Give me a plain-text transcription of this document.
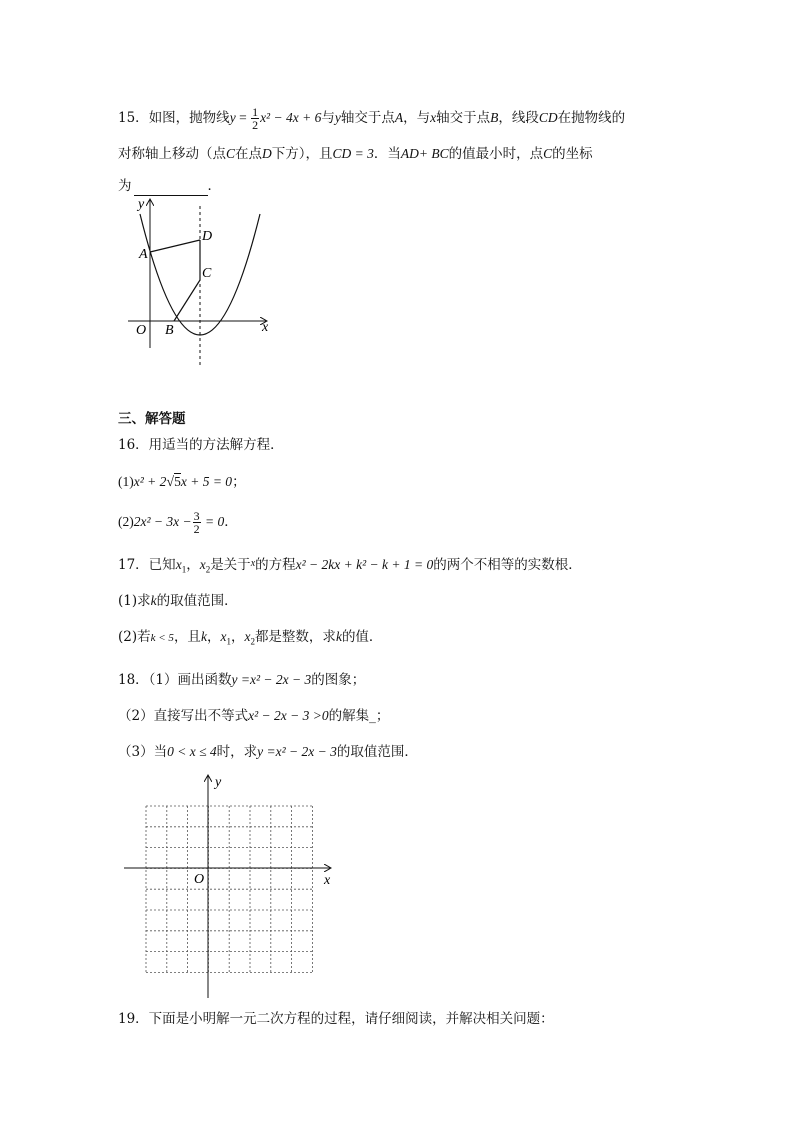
15．如图，抛物线$y = \frac{1}{2} x^2 - 4x + 6$与y轴交于点A，与x轴交于点B，线段CD在抛物线的
对称轴上移动（点C在点D下方），且CD = 3．当AD+ BC的值最小时，点C的坐标
为	．
y
A
D
C
O B	x
三、解答题
16．用适当的方法解方程．
(1)x² + 2√5x + 5 = 0；
$(2)2x^2 - 3x - \frac{3}{2} = 0$．
17．已知$x_1$，$x_2$是关于$^x$的方程x² − 2kx + k² − k + 1 = 0的两个不相等的实数根．
(1)求k的取值范围．
(2)若k < 5，且k，$x_1$，$x_2$都是整数，求k的值．
18．（1）画出函数y =x² − 2x − 3的图象；
（2）直接写出不等式x² − 2x − 3 >0的解集_；
（3）当0 < x ≤ 4时，求y =x² − 2x − 3的取值范围．
y
O	x
19．下面是小明解一元二次方程的过程，请仔细阅读，并解决相关问题：
